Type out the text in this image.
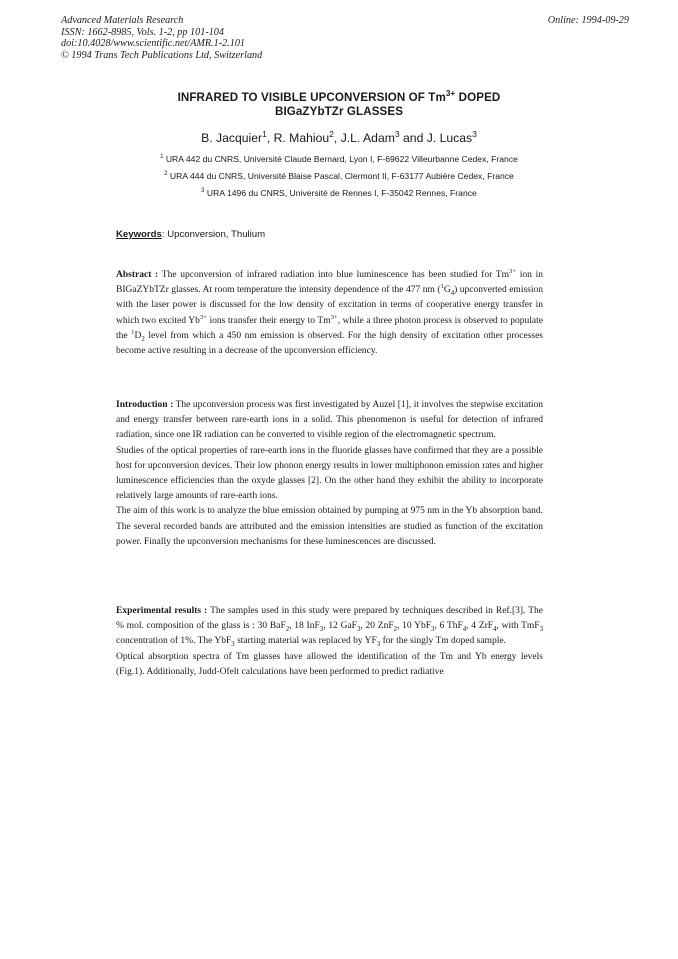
Advanced Materials Research
ISSN: 1662-8985, Vols. 1-2, pp 101-104
doi:10.4028/www.scientific.net/AMR.1-2.101
© 1994 Trans Tech Publications Ltd, Switzerland
Online: 1994-09-29
INFRARED TO VISIBLE UPCONVERSION OF $Tm^{3+}$ DOPED
BIGaZYbTZr GLASSES
B. Jacquier$^1$, R. Mahiou$^2$, J.L. Adam$^3$ and J. Lucas$^3$
$^1$ URA 442 du CNRS, Université Claude Bernard, Lyon I, F-69622 Villeurbanne Cedex, France
$^2$ URA 444 du CNRS, Université Blaise Pascal, Clermont II, F-63177 Aubière Cedex, France
$^3$ URA 1496 du CNRS, Université de Rennes I, F-35042 Rennes, France
Keywords: Upconversion, Thulium

Abstract : The upconversion of infrared radiation into blue luminescence has been studied for $Tm^{3+}$ ion in BIGaZYbTZr glasses. At room temperature the intensity dependence of the 477 nm $(^1G_4)$ upconverted emission with the laser power is discussed for the low density of excitation in terms of cooperative energy transfer in which two excited $Yb^{3+}$ ions transfer their energy to $Tm^{3+}$, while a three photon process is observed to populate the $^1D_2$ level from which a 450 nm emission is observed. For the high density of excitation other processes become active resulting in a decrease of the upconversion efficiency.

Introduction : The upconversion process was first investigated by Auzel [1], it involves the stepwise excitation and energy transfer between rare-earth ions in a solid. This phenomenon is useful for detection of infrared radiation, since one IR radiation can be converted to visible region of the electromagnetic spectrum.

Studies of the optical properties of rare-earth ions in the fluoride glasses have confirmed that they are a possible host for upconversion devices. Their low phonon energy results in lower multiphonon emission rates and higher luminescence efficiencies than the oxyde glasses [2]. On the other hand they exhibit the ability to incorporate relatively large amounts of rare-earth ions.

The aim of this work is to analyze the blue emission obtained by pumping at 975 nm in the Yb absorption band. The several recorded bands are attributed and the emission intensities are studied as function of the excitation power. Finally the upconversion mechanisms for these luminescences are discussed.

Experimental results : The samples used in this study were prepared by techniques described in Ref.[3]. The % mol. composition of the glass is : 30 BaF$_2$, 18 InF$_3$, 12 GaF$_3$, 20 ZnF$_2$, 10 YbF$_3$, 6 ThF$_4$, 4 ZrF$_4$, with TmF$_3$ concentration of 1%. The YbF$_3$ starting material was replaced by $YF_3$ for the singly Tm doped sample.

Optical absorption spectra of Tm glasses have allowed the identification of the Tm and Yb energy levels (Fig.1). Additionally, Judd-Ofelt calculations have been performed to predict radiative
